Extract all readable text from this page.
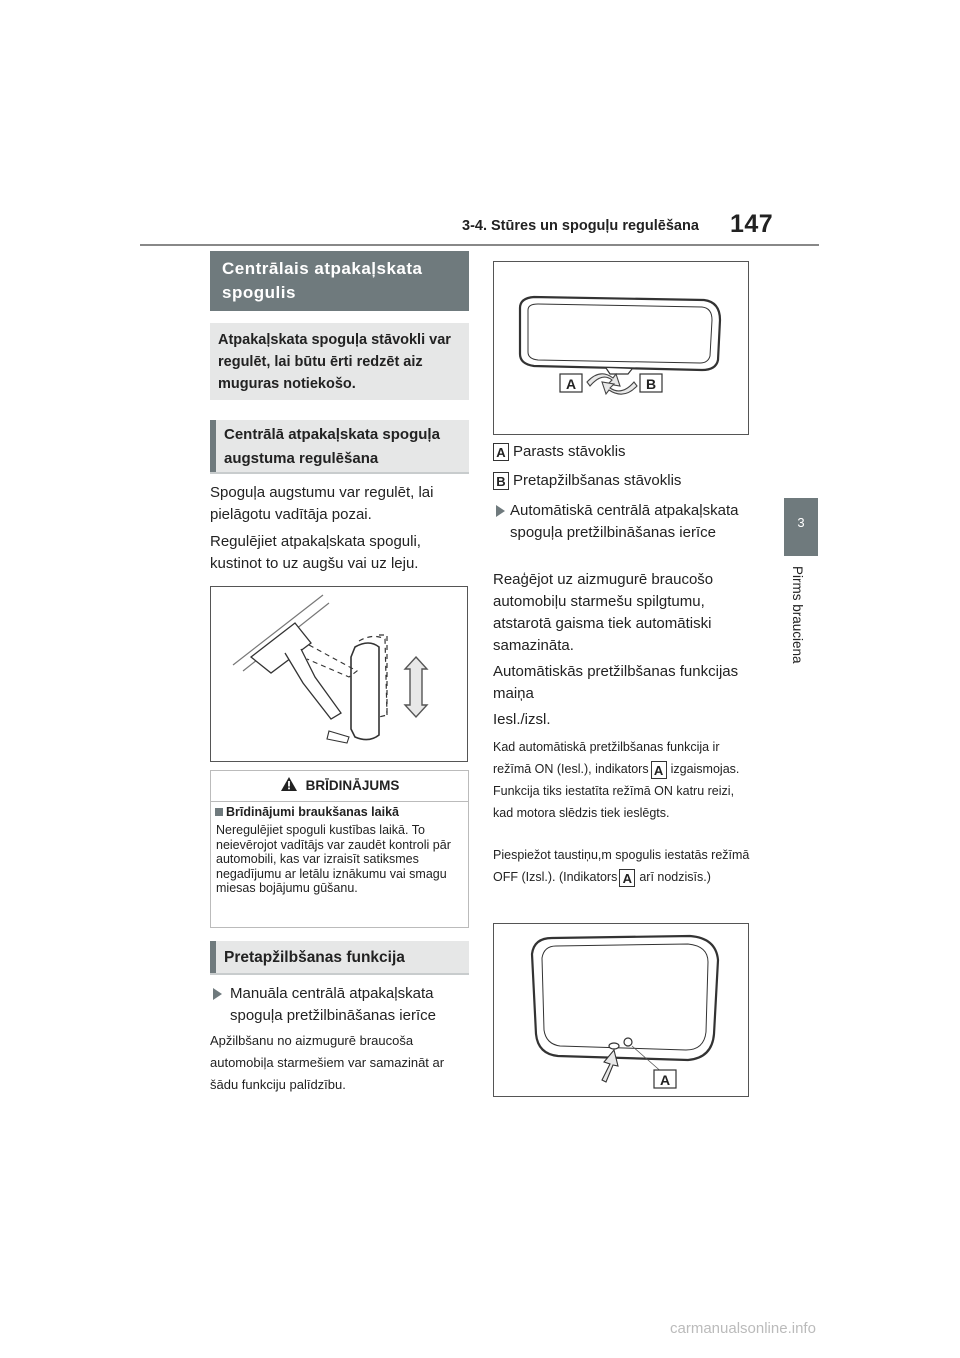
3-4. Stūres un spoguļu regulēšana 147
3
Pirms brauciena
Centrālais atpakaļskata spogulis
Atpakaļskata spoguļa stāvokli var regulēt, lai būtu ērti redzēt aiz muguras notiekošo.
Centrālā atpakaļskata spoguļa augstuma regulēšana
Spoguļa augstumu var regulēt, lai pielāgotu vadītāja pozai.
Regulējiet atpakaļskata spoguli, kustinot to uz augšu vai uz leju.
BRĪDINĀJUMS
Brīdinājumi braukšanas laikā
Neregulējiet spoguli kustības laikā. To neievērojot vadītājs var zaudēt kontroli pār automobili, kas var izraisīt satiksmes negadījumu ar letālu iznākumu vai smagu miesas bojājumu gūšanu.
Pretapžilbšanas funkcija
Manuāla centrālā atpakaļskata spoguļa pretžilbināšanas ierīce
Apžilbšanu no aizmugurē braucoša automobiļa starmešiem var samazināt ar šādu funkciju palīdzību.
A	B
A Parasts stāvoklis
B Pretapžilbšanas stāvoklis
Automātiskā centrālā atpakaļskata spoguļa pretžilbināšanas ierīce
Reaģējot uz aizmugurē braucošo automobiļu starmešu spilgtumu, atstarotā gaisma tiek automātiski samazināta.
Automātiskās pretžilbšanas funkcijas maiņa
Iesl./izsl.
Kad automātiskā pretžilbšanas funkcija ir režīmā ON (Iesl.), indikators A izgaismojas. Funkcija tiks iestatīta režīmā ON katru reizi, kad motora slēdzis tiek ieslēgts.
Piespiežot taustiņu,m spogulis iestatās režīmā OFF (Izsl.). (Indikators A arī nodzisīs.)
A
carmanualsonline.info
